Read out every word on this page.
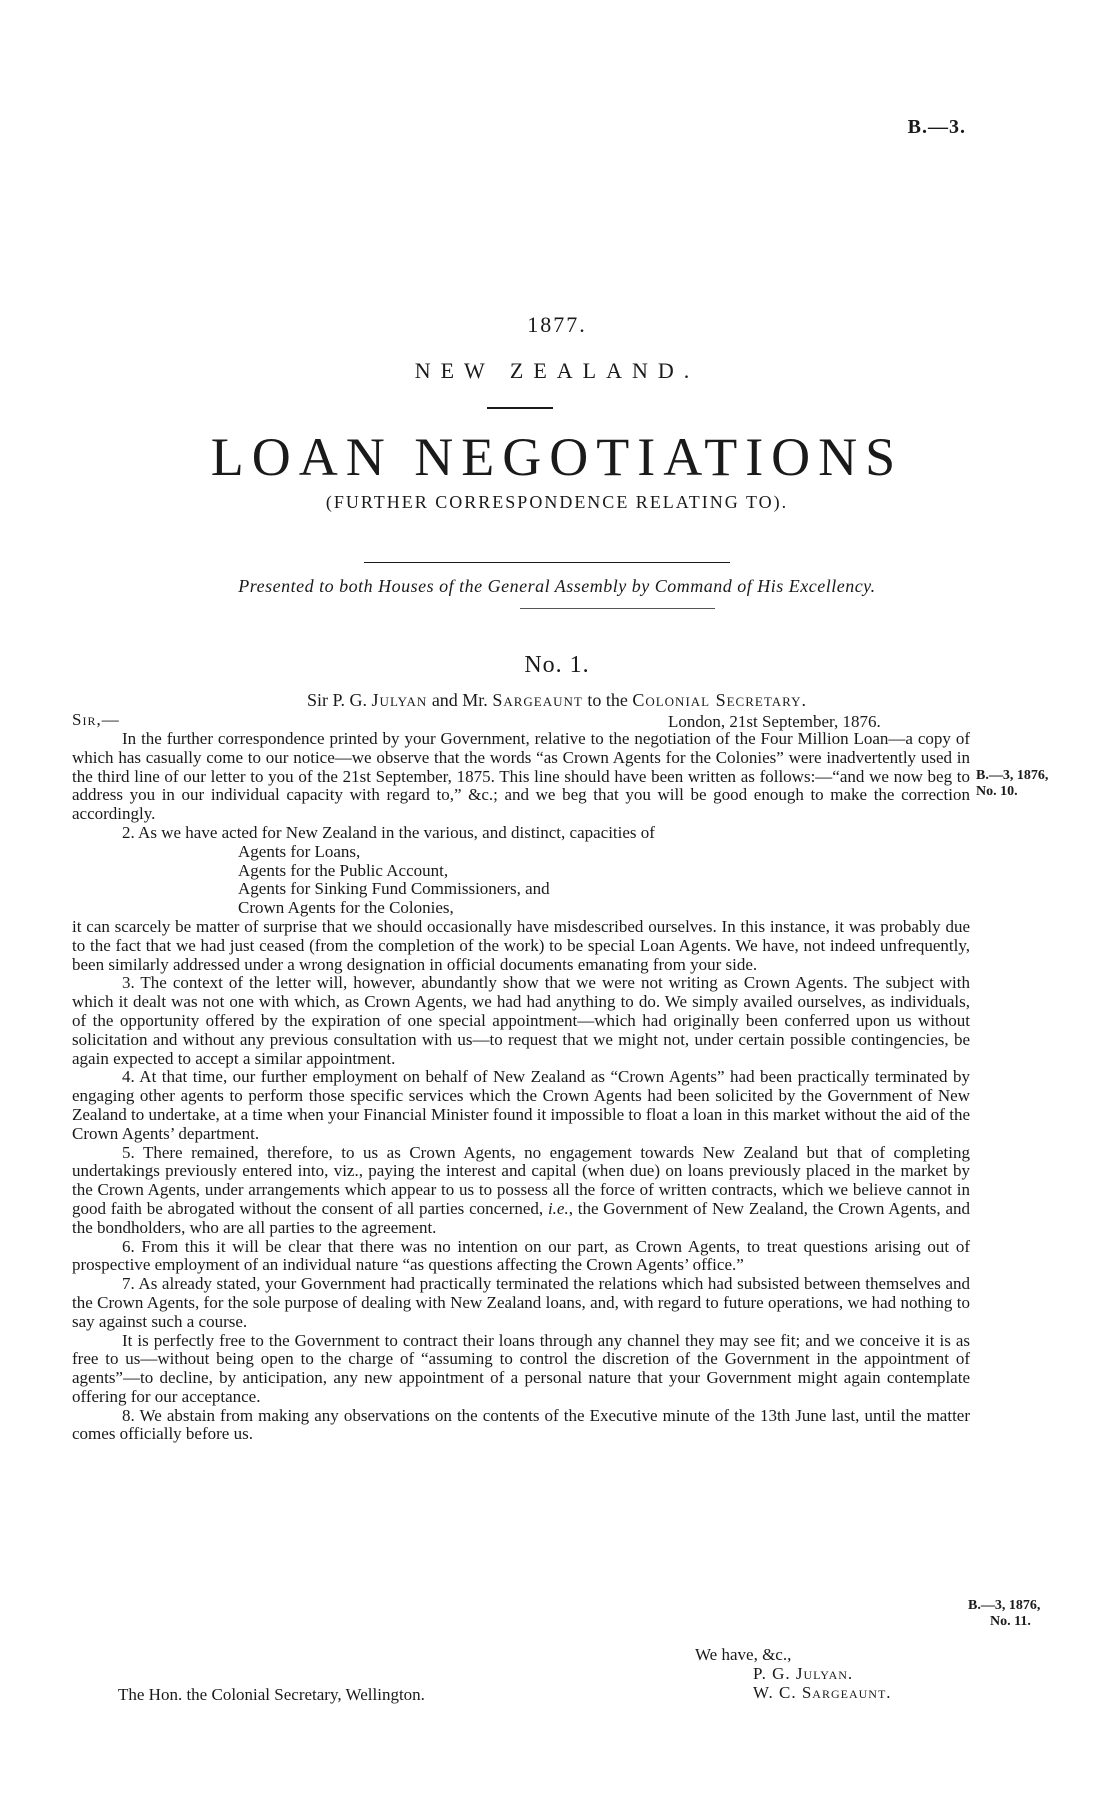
B.—3.
1877.
NEW ZEALAND.
LOAN NEGOTIATIONS
(FURTHER CORRESPONDENCE RELATING TO).
Presented to both Houses of the General Assembly by Command of His Excellency.
No. 1.
Sir P. G. Julyan and Mr. Sargeaunt to the Colonial Secretary.
Sir,—	London, 21st September, 1876.

In the further correspondence printed by your Government, relative to the negotiation of the Four Million Loan—a copy of which has casually come to our notice—we observe that the words “as Crown Agents for the Colonies” were inadvertently used in the third line of our letter to you of the 21st September, 1875. This line should have been written as follows:—“and we now beg to address you in our individual capacity with regard to,” &c.; and we beg that you will be good enough to make the correction accordingly.

2. As we have acted for New Zealand in the various, and distinct, capacities of

Agents for Loans,
Agents for the Public Account,
Agents for Sinking Fund Commissioners, and
Crown Agents for the Colonies,

it can scarcely be matter of surprise that we should occasionally have misdescribed ourselves. In this instance, it was probably due to the fact that we had just ceased (from the completion of the work) to be special Loan Agents. We have, not indeed unfrequently, been similarly addressed under a wrong designation in official documents emanating from your side.

3. The context of the letter will, however, abundantly show that we were not writing as Crown Agents. The subject with which it dealt was not one with which, as Crown Agents, we had had anything to do. We simply availed ourselves, as individuals, of the opportunity offered by the expiration of one special appointment—which had originally been conferred upon us without solicitation and without any previous consultation with us—to request that we might not, under certain possible contingencies, be again expected to accept a similar appointment.

4. At that time, our further employment on behalf of New Zealand as “Crown Agents” had been practically terminated by engaging other agents to perform those specific services which the Crown Agents had been solicited by the Government of New Zealand to undertake, at a time when your Financial Minister found it impossible to float a loan in this market without the aid of the Crown Agents’ department.

5. There remained, therefore, to us as Crown Agents, no engagement towards New Zealand but that of completing undertakings previously entered into, viz., paying the interest and capital (when due) on loans previously placed in the market by the Crown Agents, under arrangements which appear to us to possess all the force of written contracts, which we believe cannot in good faith be abrogated without the consent of all parties concerned, i.e., the Government of New Zealand, the Crown Agents, and the bondholders, who are all parties to the agreement.

6. From this it will be clear that there was no intention on our part, as Crown Agents, to treat questions arising out of prospective employment of an individual nature “as questions affecting the Crown Agents’ office.”

7. As already stated, your Government had practically terminated the relations which had subsisted between themselves and the Crown Agents, for the sole purpose of dealing with New Zealand loans, and, with regard to future operations, we had nothing to say against such a course.

It is perfectly free to the Government to contract their loans through any channel they may see fit; and we conceive it is as free to us—without being open to the charge of “assuming to control the discretion of the Government in the appointment of agents”—to decline, by anticipation, any new appointment of a personal nature that your Government might again contemplate offering for our acceptance.

8. We abstain from making any observations on the contents of the Executive minute of the 13th June last, until the matter comes officially before us.

B.—3, 1876,
No. 10.
B.—3, 1876,
No. 11.
We have, &c.,
P. G. Julyan.
W. C. Sargeaunt.
The Hon. the Colonial Secretary, Wellington.
